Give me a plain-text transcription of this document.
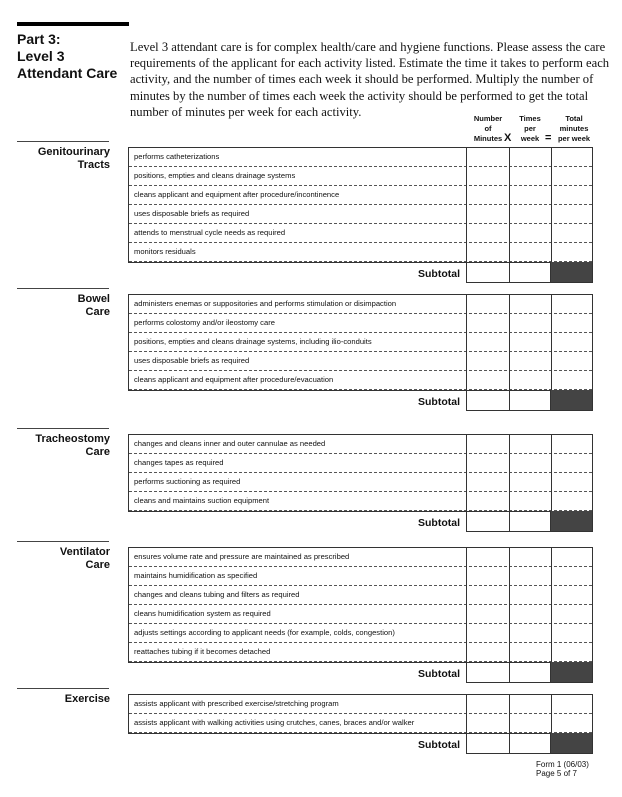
Part 3:
Level 3
Attendant Care
Level 3 attendant care is for complex health/care and hygiene functions. Please assess the care requirements of the applicant for each activity listed. Estimate the time it takes to perform each activity, and the number of times each week it should be performed. Multiply the number of minutes by the number of times each week the activity should be performed to get the total number of minutes per week for each activity.	Number
of
Minutes X
Times
per
week =
Total
minutes
per week
Genitourinary
Tracts
performs catheterizations
positions, empties and cleans drainage systems
cleans applicant and equipment after procedure/incontinence
uses disposable briefs as required
attends to menstrual cycle needs as required
monitors residuals
Subtotal
Bowel
Care
administers enemas or suppositories and performs stimulation or disimpaction
performs colostomy and/or ileostomy care
positions, empties and cleans drainage systems, including ilio-conduits
uses disposable briefs as required
cleans applicant and equipment after procedure/evacuation
Subtotal
Tracheostomy
Care
changes and cleans inner and outer cannulae as needed
changes tapes as required
performs suctioning as required
cleans and maintains suction equipment
Subtotal
Ventilator
Care
ensures volume rate and pressure are maintained as prescribed
maintains humidification as specified
changes and cleans tubing and filters as required
cleans humidification system as required
adjusts settings according to applicant needs (for example, colds, congestion)
reattaches tubing if it becomes detached
Subtotal
Exercise	assists applicant with prescribed exercise/stretching program
assists applicant with walking activities using crutches, canes, braces and/or walker
Subtotal
Form 1 (06/03)
Page 5 of 7
